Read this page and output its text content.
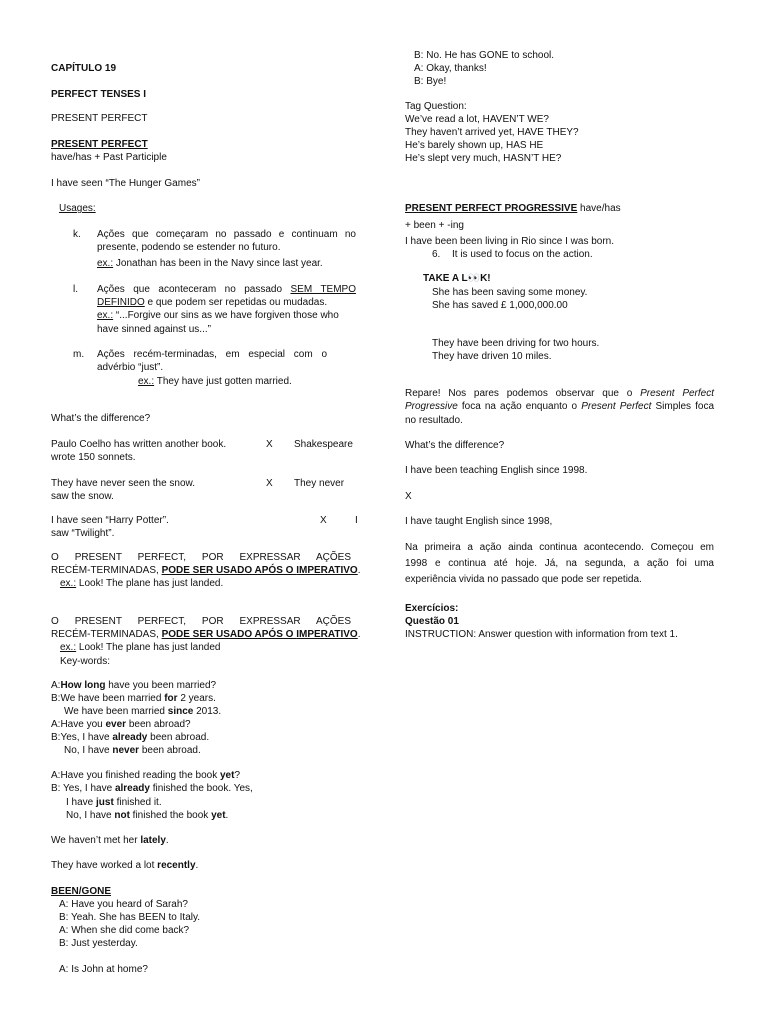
CAPÍTULO 19
PERFECT TENSES I
PRESENT PERFECT
PRESENT PERFECT
have/has + Past Participle
I have seen “The Hunger Games”
Usages:
k. Ações que começaram no passado e continuam no
presente, podendo se estender no futuro.
ex.: Jonathan has been in the Navy since last year.
l. Ações que aconteceram no passado SEM TEMPO
DEFINIDO e que podem ser repetidas ou mudadas.
ex.: “...Forgive our sins as we have forgiven those who
have sinned against us...”
m. Ações recém-terminadas, em especial com o
advérbio “just”.
ex.: They have just gotten married.
What’s the difference?
Paulo Coelho has written another book.	X Shakespeare
wrote 150 sonnets.
They have never seen the snow.	X They never
saw the snow.
I have seen “Harry Potter”.	X	I
saw “Twilight”.
O PRESENT PERFECT, POR EXPRESSAR AÇÕES
RECÉM-TERMINADAS, PODE SER USADO APÓS O IMPERATIVO.
ex.: Look! The plane has just landed.
O PRESENT PERFECT, POR EXPRESSAR AÇÕES
RECÉM-TERMINADAS, PODE SER USADO APÓS O IMPERATIVO.
ex.: Look! The plane has just landed
Key-words:
A:How long have you been married?
B:We have been married for 2 years.
We have been married since 2013.
A:Have you ever been abroad?
B:Yes, I have already been abroad.
No, I have never been abroad.
A:Have you finished reading the book yet?
B: Yes, I have already finished the book. Yes,
I have just finished it.
No, I have not finished the book yet.
We haven’t met her lately.
They have worked a lot recently.
BEEN/GONE
A: Have you heard of Sarah?
B: Yeah. She has BEEN to Italy.
A: When she did come back?
B: Just yesterday.
A: Is John at home?
B: No. He has GONE to school.
A: Okay, thanks!
B: Bye!
Tag Question:
We’ve read a lot, HAVEN’T WE?
They haven’t arrived yet, HAVE THEY?
He’s barely shown up, HAS HE
He’s slept very much, HASN’T HE?
PRESENT PERFECT PROGRESSIVE have/has
+ been + -ing
I have been been living in Rio since I was born.
6. It is used to focus on the action.
TAKE A L👀K!
She has been saving some money.
She has saved £ 1,000,000.00
They have been driving for two hours.
They have driven 10 miles.
Repare! Nos pares podemos observar que o Present Perfect
Progressive foca na ação enquanto o Present Perfect Simples foca
no resultado.
What’s the difference?
I have been teaching English since 1998.
X
I have taught English since 1998,
Na primeira a ação ainda continua acontecendo. Começou em
1998 e continua até hoje. Já, na segunda, a ação foi uma
experiência vivida no passado que pode ser repetida.
Exercícios:
Questão 01
INSTRUCTION: Answer question with information from text 1.
